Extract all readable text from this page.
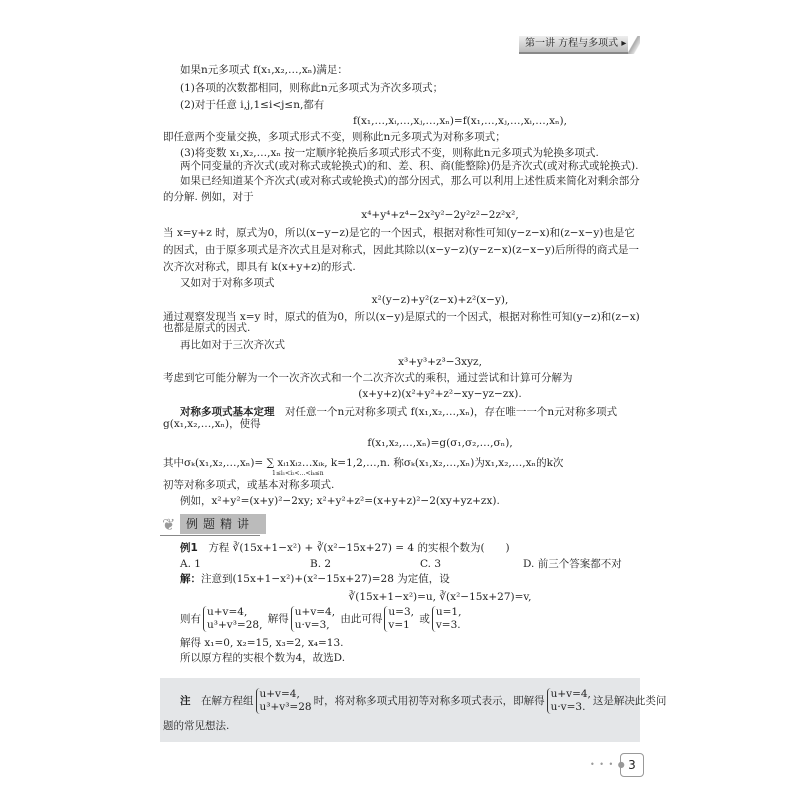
第一讲 方程与多项式 ▸
如果n元多项式 f(x₁,x₂,…,xₙ)满足：
(1)各项的次数都相同，则称此n元多项式为齐次多项式；
(2)对于任意 i,j,1≤i<j≤n,都有
f(x₁,…,xᵢ,…,xⱼ,…,xₙ)=f(x₁,…,xⱼ,…,xᵢ,…,xₙ),
即任意两个变量交换，多项式形式不变，则称此n元多项式为对称多项式；
(3)将变数 x₁,x₂,…,xₙ 按一定顺序轮换后多项式形式不变，则称此n元多项式为轮换多项式.
两个同变量的齐次式(或对称式或轮换式)的和、差、积、商(能整除)仍是齐次式(或对称式或轮换式).
如果已经知道某个齐次式(或对称式或轮换式)的部分因式，那么可以利用上述性质来简化对剩余部分
的分解. 例如，对于
x⁴+y⁴+z⁴−2x²y²−2y²z²−2z²x²,
当 x=y+z 时，原式为0，所以(x−y−z)是它的一个因式，根据对称性可知(y−z−x)和(z−x−y)也是它
的因式，由于原多项式是齐次式且是对称式，因此其除以(x−y−z)(y−z−x)(z−x−y)后所得的商式是一
次齐次对称式，即具有 k(x+y+z)的形式.
又如对于对称多项式
x²(y−z)+y²(z−x)+z²(x−y),
通过观察发现当 x=y 时，原式的值为0，所以(x−y)是原式的一个因式，根据对称性可知(y−z)和(z−x)
也都是原式的因式.
再比如对于三次齐次式
x³+y³+z³−3xyz,
考虑到它可能分解为一个一次齐次式和一个二次齐次式的乘积，通过尝试和计算可分解为
(x+y+z)(x²+y²+z²−xy−yz−zx).
对称多项式基本定理　 对任意一个n元对称多项式 f(x₁,x₂,…,xₙ)，存在唯一一个n元对称多项式
g(x₁,x₂,…,xₙ)，使得
f(x₁,x₂,…,xₙ)=g(σ₁,σ₂,…,σₙ),
其中σₖ(x₁,x₂,…,xₙ)= ∑ xᵢ₁xᵢ₂…xᵢₖ, k=1,2,…,n. 称σₖ(x₁,x₂,…,xₙ)为x₁,x₂,…,xₙ的k次
1≤i₁<i₂<…<iₖ≤n
初等对称多项式，或基本对称多项式.
例如，x²+y²=(x+y)²−2xy; x²+y²+z²=(x+y+z)²−2(xy+yz+zx).
❦ 例题精讲
例1　 方程 ∛(15x+1−x²) + ∛(x²−15x+27) = 4 的实根个数为(　　)
A. 1	B. 2	C. 3	D. 前三个答案都不对
解：注意到(15x+1−x²)+(x²−15x+27)=28 为定值，设
∛(15x+1−x²)=u, ∛(x²−15x+27)=v,
则有u+v=4,
u³+v³=28, 解得u+v=4,
u·v=3, 由此可得u=3,
v=1 或u=1,
v=3.
解得 x₁=0, x₂=15, x₃=2, x₄=13.
所以原方程的实根个数为4，故选D.
注　 在解方程组u+v=4,
u³+v³=28 时，将对称多项式用初等对称多项式表示，即解得u+v=4,
u·v=3. 这是解决此类问
题的常见想法.
• • • ● 3
